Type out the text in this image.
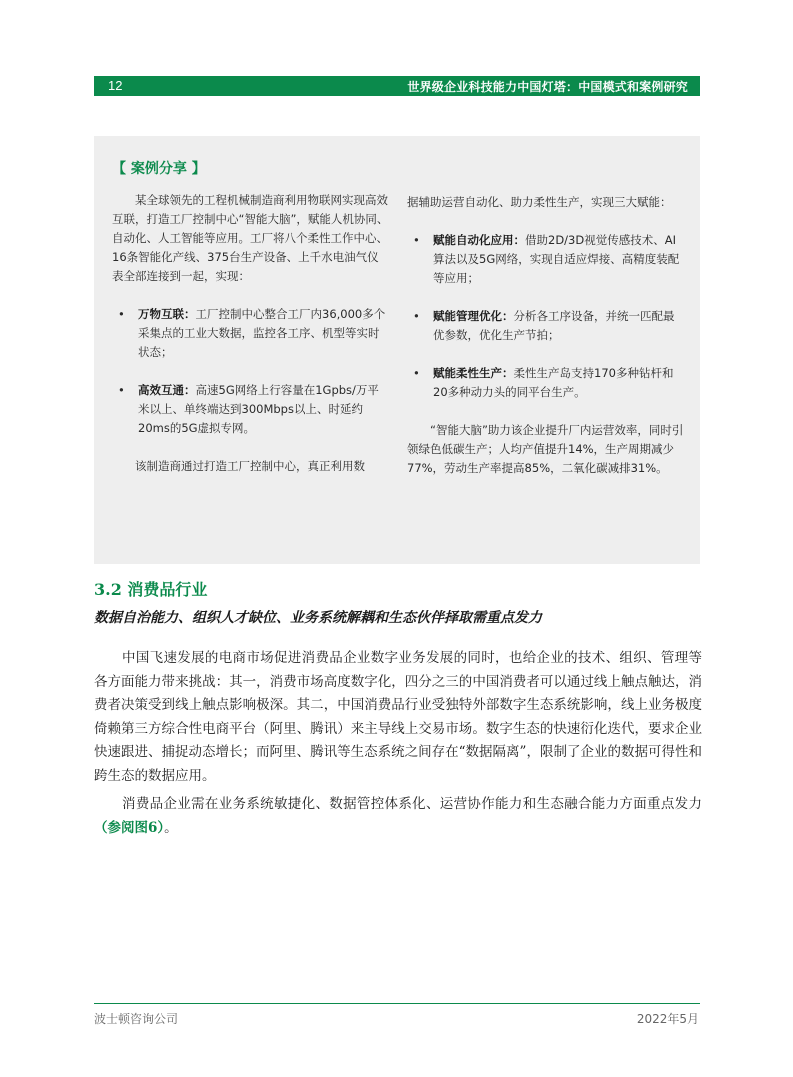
12	世界级企业科技能力中国灯塔：中国模式和案例研究
【 案例分享 】

某全球领先的工程机械制造商利用物联网实现高效互联，打造工厂控制中心“智能大脑”，赋能人机协同、自动化、人工智能等应用。工厂将八个柔性工作中心、16条智能化产线、375台生产设备、上千水电油气仪表全部连接到一起，实现：

• 万物互联：工厂控制中心整合工厂内36,000多个采集点的工业大数据，监控各工序、机型等实时状态；

• 高效互通：高速5G网络上行容量在1Gpbs/万平米以上、单终端达到300Mbps以上、时延约20ms的5G虚拟专网。

该制造商通过打造工厂控制中心，真正利用数

据辅助运营自动化、助力柔性生产，实现三大赋能：

• 赋能自动化应用：借助2D/3D视觉传感技术、AI算法以及5G网络，实现自适应焊接、高精度装配等应用；

• 赋能管理优化：分析各工序设备，并统一匹配最优参数，优化生产节拍；

• 赋能柔性生产：柔性生产岛支持170多种钻杆和20多种动力头的同平台生产。

“智能大脑”助力该企业提升厂内运营效率，同时引领绿色低碳生产；人均产值提升14%，生产周期减少77%，劳动生产率提高85%，二氧化碳减排31%。

3.2 消费品行业
数据自治能力、组织人才缺位、业务系统解耦和生态伙伴择取需重点发力

中国飞速发展的电商市场促进消费品企业数字业务发展的同时，也给企业的技术、组织、管理等各方面能力带来挑战：其一，消费市场高度数字化，四分之三的中国消费者可以通过线上触点触达，消费者决策受到线上触点影响极深。其二，中国消费品行业受独特外部数字生态系统影响，线上业务极度倚赖第三方综合性电商平台（阿里、腾讯）来主导线上交易市场。数字生态的快速衍化迭代，要求企业快速跟进、捕捉动态增长；而阿里、腾讯等生态系统之间存在“数据隔离”，限制了企业的数据可得性和跨生态的数据应用。

消费品企业需在业务系统敏捷化、数据管控体系化、运营协作能力和生态融合能力方面重点发力（参阅图6）。

波士顿咨询公司	2022年5月
